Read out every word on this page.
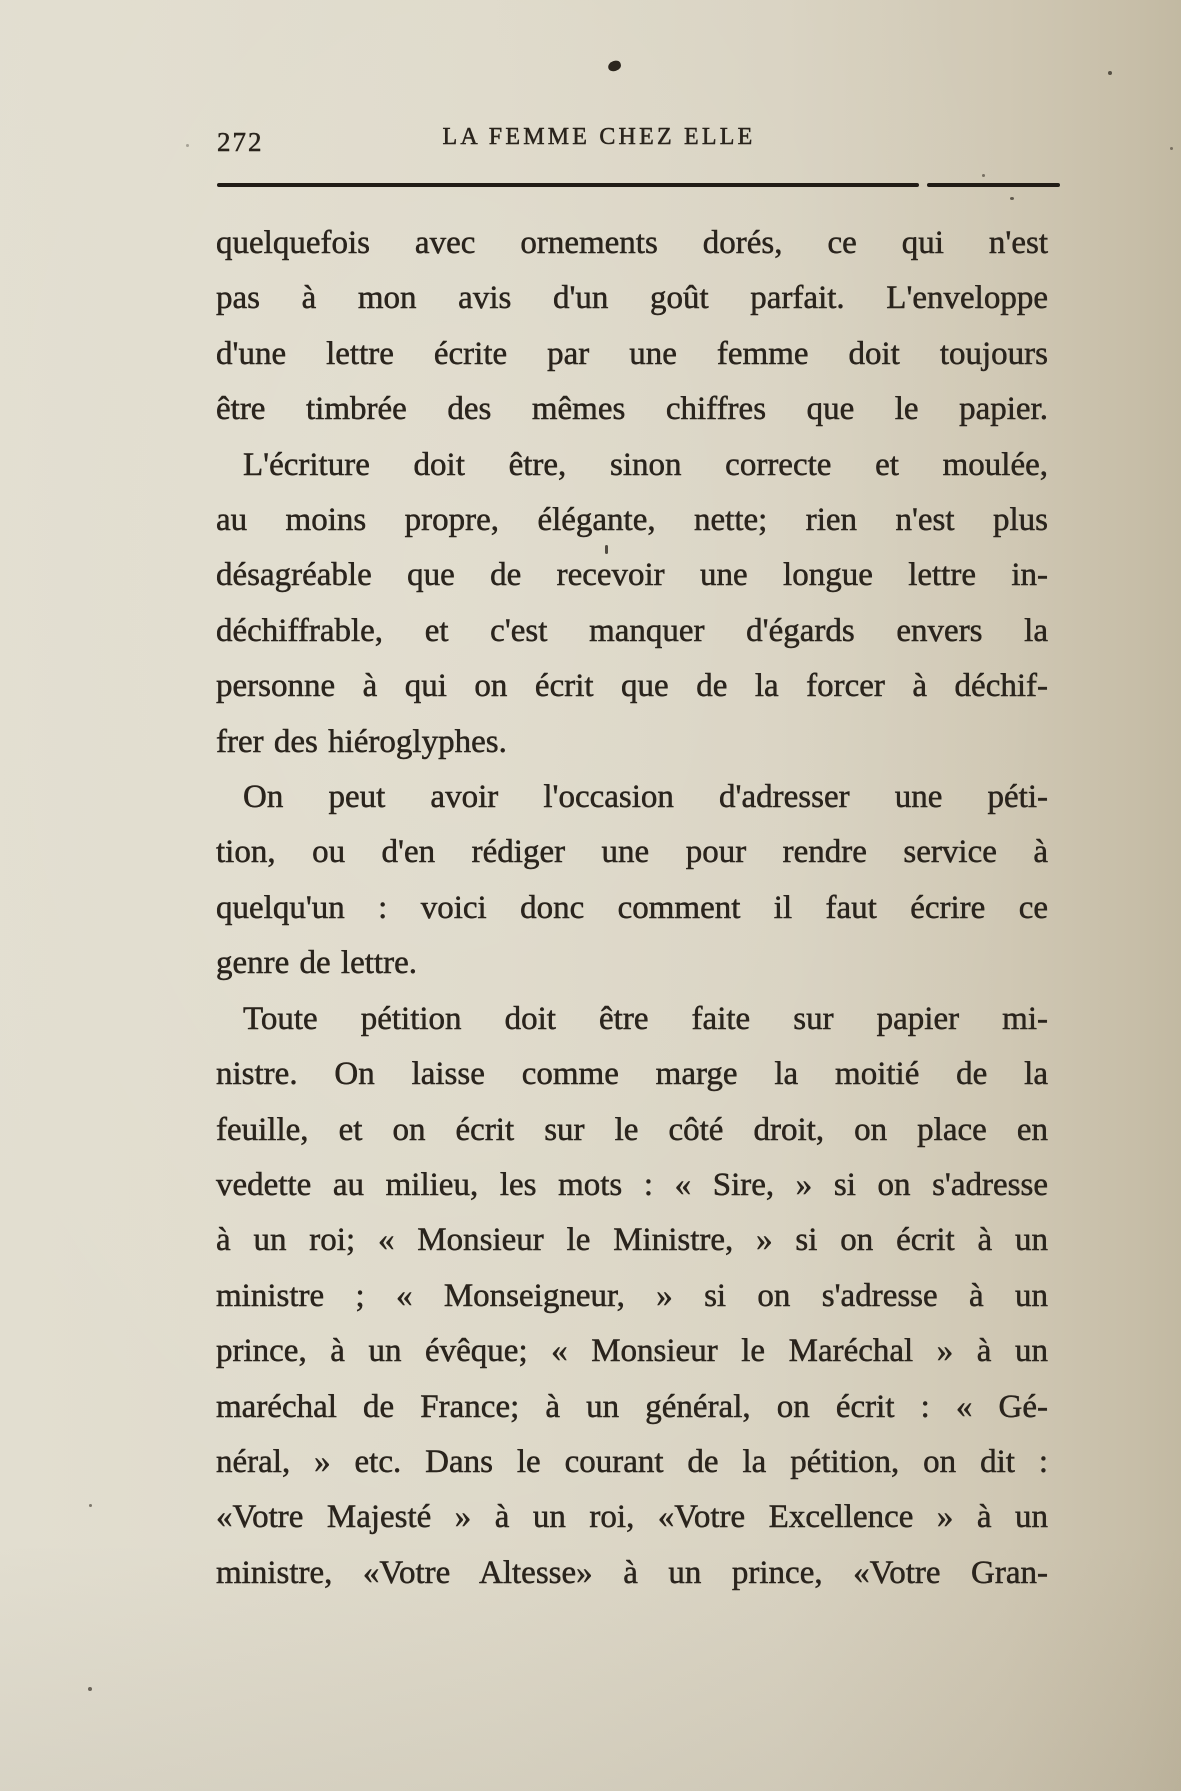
272	LA FEMME CHEZ ELLE
quelquefois avec ornements dorés, ce qui n'est
pas à mon avis d'un goût parfait. L'enveloppe
d'une lettre écrite par une femme doit toujours
être timbrée des mêmes chiffres que le papier.
L'écriture doit être, sinon correcte et moulée,
au moins propre, élégante, nette; rien n'est plus
désagréable que de recevoir une longue lettre in-
déchiffrable, et c'est manquer d'égards envers la
personne à qui on écrit que de la forcer à déchif-
frer des hiéroglyphes.
On peut avoir l'occasion d'adresser une péti-
tion, ou d'en rédiger une pour rendre service à
quelqu'un : voici donc comment il faut écrire ce
genre de lettre.
Toute pétition doit être faite sur papier mi-
nistre. On laisse comme marge la moitié de la
feuille, et on écrit sur le côté droit, on place en
vedette au milieu, les mots : « Sire, » si on s'adresse
à un roi; « Monsieur le Ministre, » si on écrit à un
ministre ; « Monseigneur, » si on s'adresse à un
prince, à un évêque; « Monsieur le Maréchal » à un
maréchal de France; à un général, on écrit : « Gé-
néral, » etc. Dans le courant de la pétition, on dit :
«Votre Majesté » à un roi, «Votre Excellence » à un
ministre, «Votre Altesse» à un prince, «Votre Gran-
